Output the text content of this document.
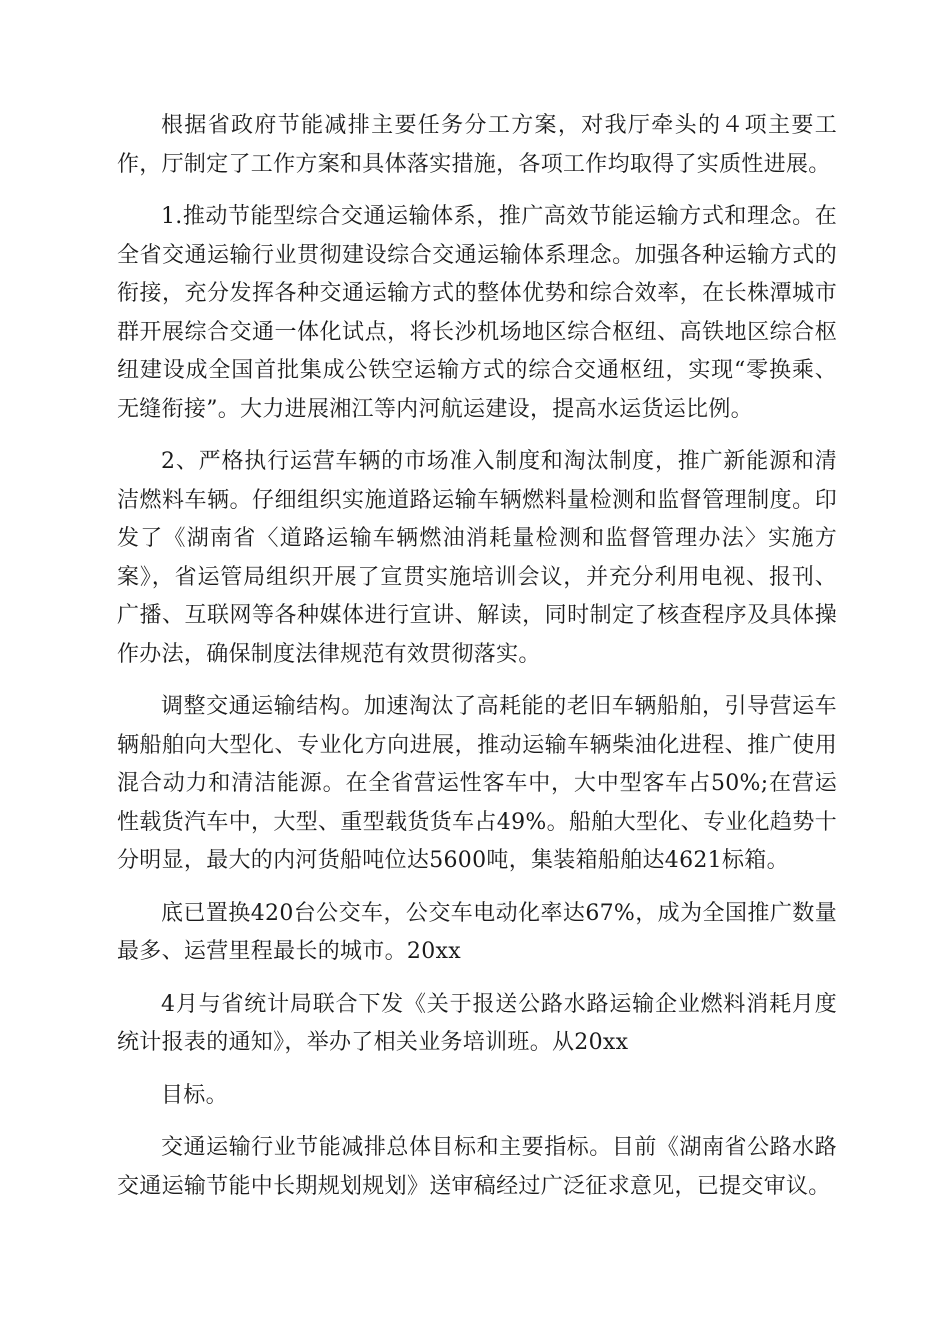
根据省政府节能减排主要任务分工方案，对我厅牵头的４项主要工作，厅制定了工作方案和具体落实措施，各项工作均取得了实质性进展。

1.推动节能型综合交通运输体系，推广高效节能运输方式和理念。在全省交通运输行业贯彻建设综合交通运输体系理念。加强各种运输方式的衔接，充分发挥各种交通运输方式的整体优势和综合效率，在长株潭城市群开展综合交通一体化试点，将长沙机场地区综合枢纽、高铁地区综合枢纽建设成全国首批集成公铁空运输方式的综合交通枢纽，实现“零换乘、无缝衔接”。大力进展湘江等内河航运建设，提高水运货运比例。

2、严格执行运营车辆的市场准入制度和淘汰制度，推广新能源和清洁燃料车辆。仔细组织实施道路运输车辆燃料量检测和监督管理制度。印发了《湖南省〈道路运输车辆燃油消耗量检测和监督管理办法〉实施方案》，省运管局组织开展了宣贯实施培训会议，并充分利用电视、报刊、广播、互联网等各种媒体进行宣讲、解读，同时制定了核查程序及具体操作办法，确保制度法律规范有效贯彻落实。

调整交通运输结构。加速淘汰了高耗能的老旧车辆船舶，引导营运车辆船舶向大型化、专业化方向进展，推动运输车辆柴油化进程、推广使用混合动力和清洁能源。在全省营运性客车中，大中型客车占50%;在营运性载货汽车中，大型、重型载货货车占49%。船舶大型化、专业化趋势十分明显，最大的内河货船吨位达5600吨，集装箱船舶达4621标箱。

底已置换420台公交车，公交车电动化率达67%，成为全国推广数量最多、运营里程最长的城市。20xx

4月与省统计局联合下发《关于报送公路水路运输企业燃料消耗月度统计报表的通知》，举办了相关业务培训班。从20xx

目标。

交通运输行业节能减排总体目标和主要指标。目前《湖南省公路水路交通运输节能中长期规划规划》送审稿经过广泛征求意见，已提交审议。
